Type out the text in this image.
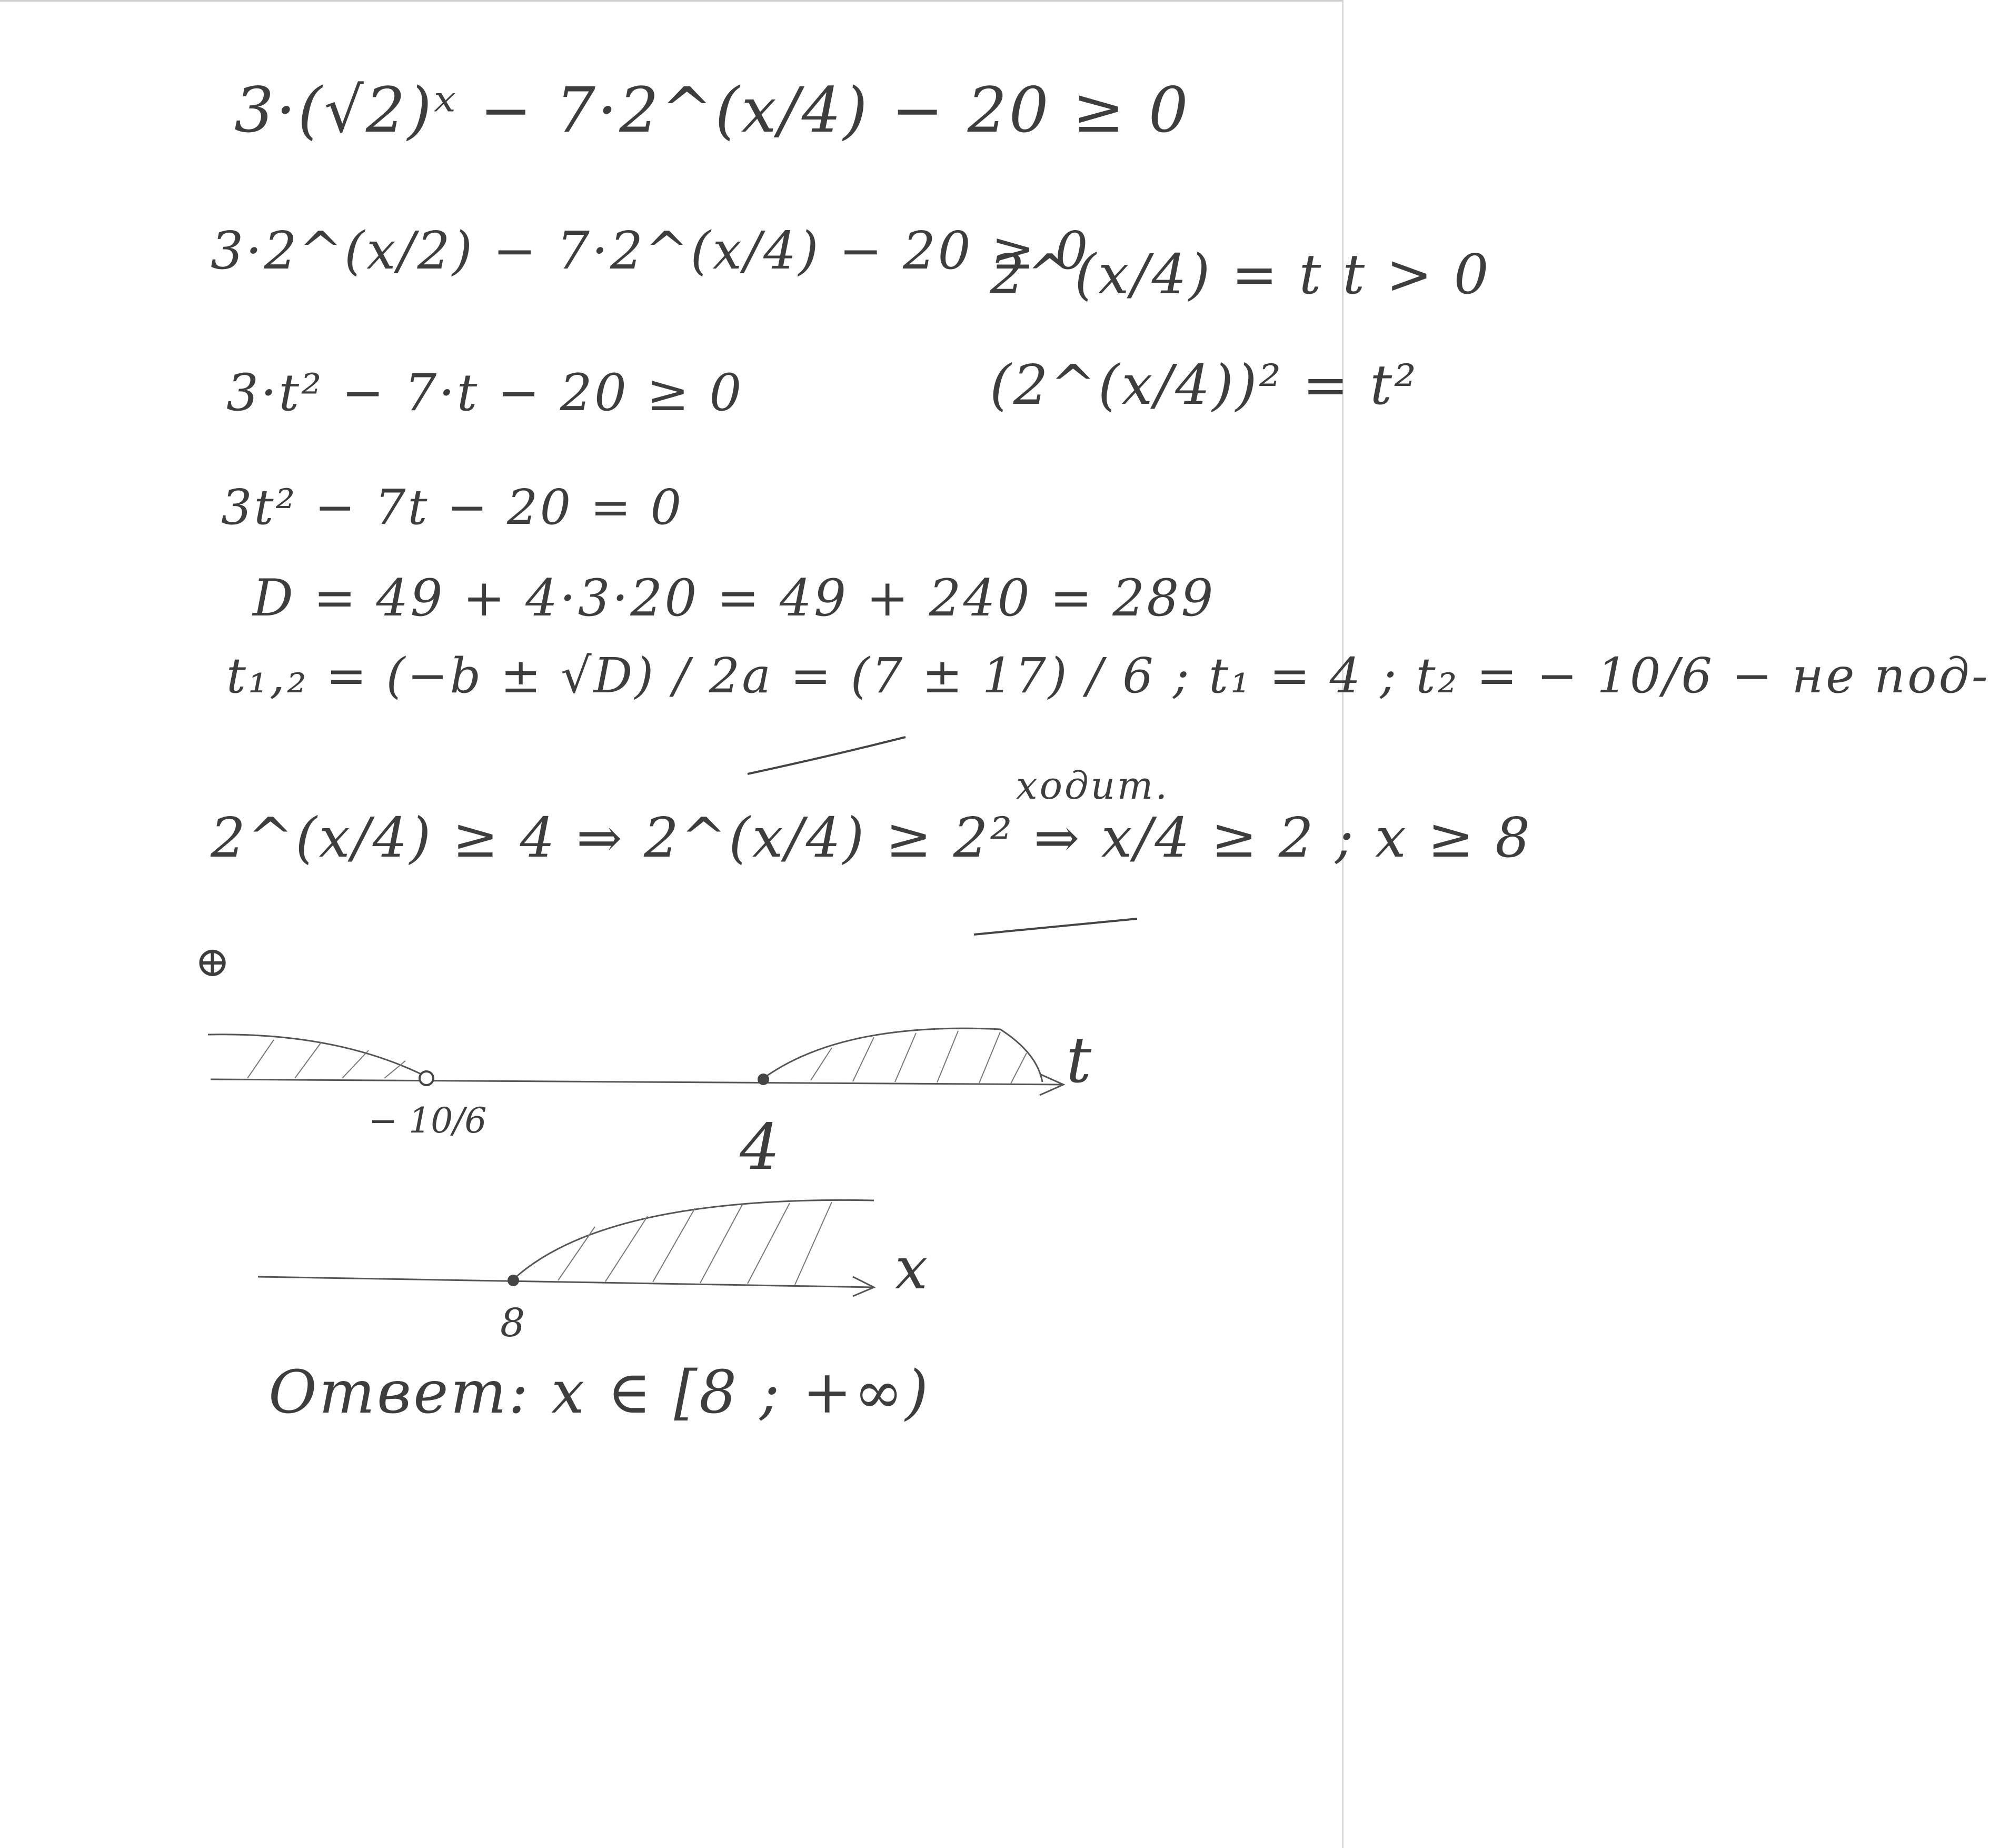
3·(√2)ˣ − 7·2^(x/4) − 20 ≥ 0
3·2^(x/2) − 7·2^(x/4) − 20 ≥ 0
2^(x/4) = t t > 0
(2^(x/4))² = t²
3·t² − 7·t − 20 ≥ 0
3t² − 7t − 20 = 0
D = 49 + 4·3·20 = 49 + 240 = 289
t₁,₂ = (−b ± √D) / 2a = (7 ± 17) / 6 ; t₁ = 4 ; t₂ = − 10/6 − не под-
ходит.
2^(x/4) ≥ 4 ⇒ 2^(x/4) ≥ 2² ⇒ x/4 ≥ 2 ; x ≥ 8
⊕
− 10/6	4
t
8
x
Ответ: x ∈ [8 ; +∞)
